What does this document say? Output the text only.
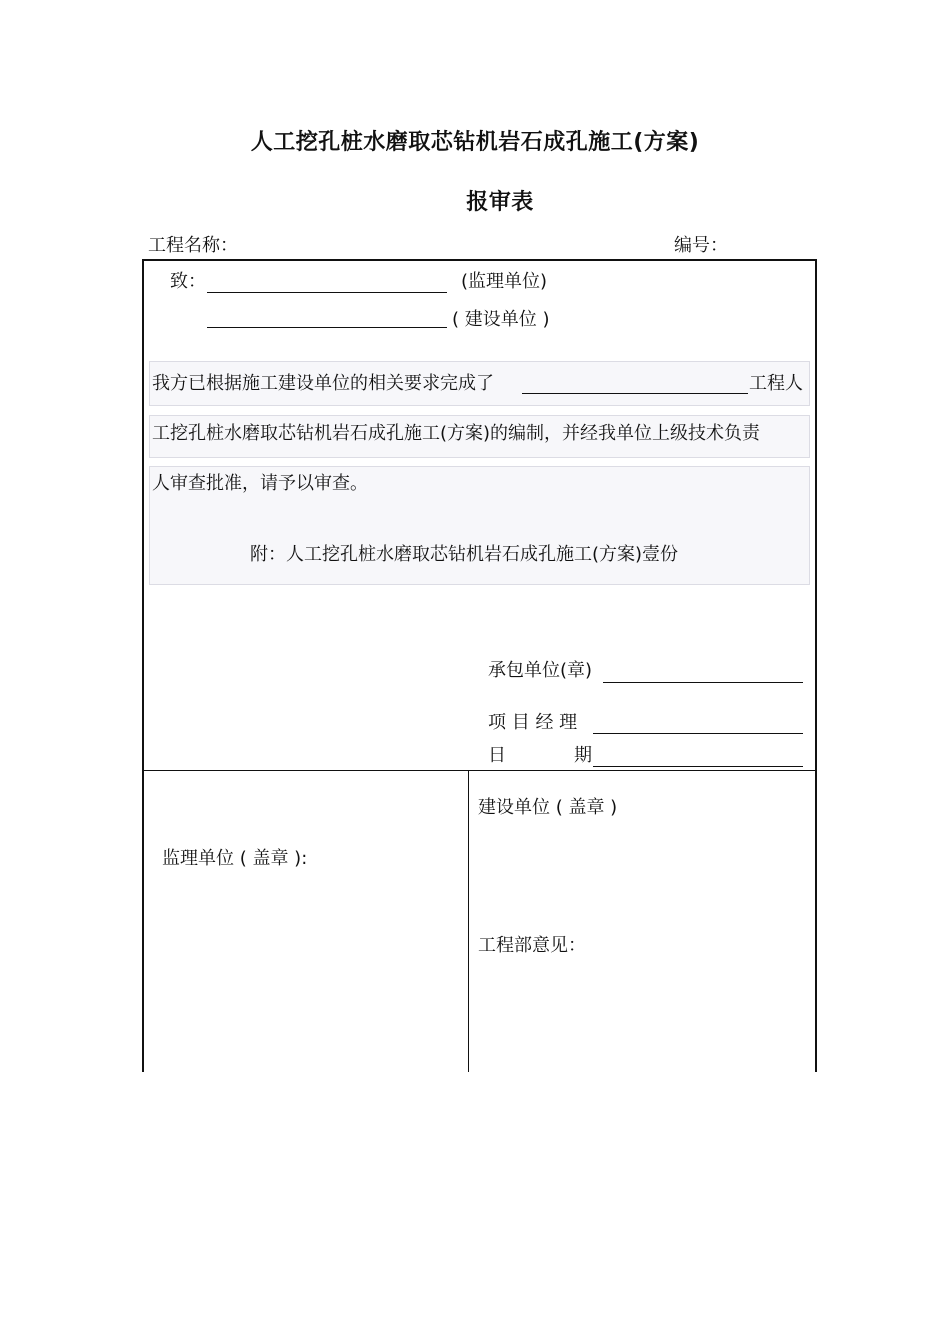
人工挖孔桩水磨取芯钻机岩石成孔施工(方案)
报审表
工程名称：	编号：
致：	(监理单位)
( 建设单位 )
我方已根据施工建设单位的相关要求完成了	工程人
工挖孔桩水磨取芯钻机岩石成孔施工(方案)的编制，并经我单位上级技术负责
人审查批准，请予以审查。
附：人工挖孔桩水磨取芯钻机岩石成孔施工(方案)壹份
承包单位(章)
项 目 经 理
日	期
监理单位 ( 盖章 ):
建设单位 ( 盖章 )
工程部意见：
